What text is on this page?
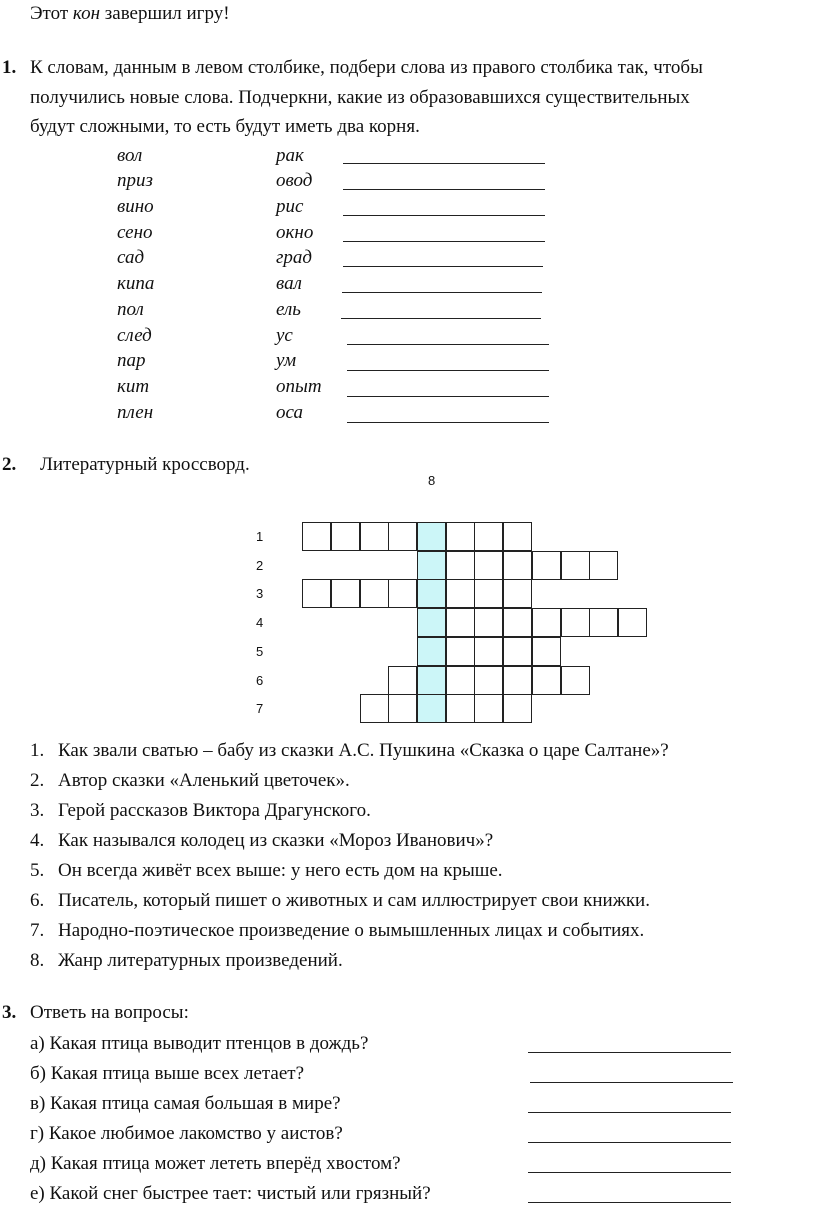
Этот кон завершил игру!
1. К словам, данным в левом столбике, подбери слова из правого столбика так, чтобы
получились новые слова. Подчеркни, какие из образовавшихся существительных
будут сложными, то есть будут иметь два корня.
вол	рак
приз	овод
вино	рис
сено	окно
сад	град
кипа	вал
пол	ель
след	ус
пар	ум
кит	опыт
плен	оса
2. Литературный кроссворд.
8
1
2
3
4
5
6
7
1. Как звали сватью – бабу из сказки А.С. Пушкина «Сказка о царе Салтане»?
2. Автор сказки «Аленький цветочек».
3. Герой рассказов Виктора Драгунского.
4. Как назывался колодец из сказки «Мороз Иванович»?
5. Он всегда живёт всех выше: у него есть дом на крыше.
6. Писатель, который пишет о животных и сам иллюстрирует свои книжки.
7. Народно-поэтическое произведение о вымышленных лицах и событиях.
8. Жанр литературных произведений.
3. Ответь на вопросы:
а) Какая птица выводит птенцов в дождь?
б) Какая птица выше всех летает?
в) Какая птица самая большая в мире?
г) Какое любимое лакомство у аистов?
д) Какая птица может лететь вперёд хвостом?
е) Какой снег быстрее тает: чистый или грязный?
